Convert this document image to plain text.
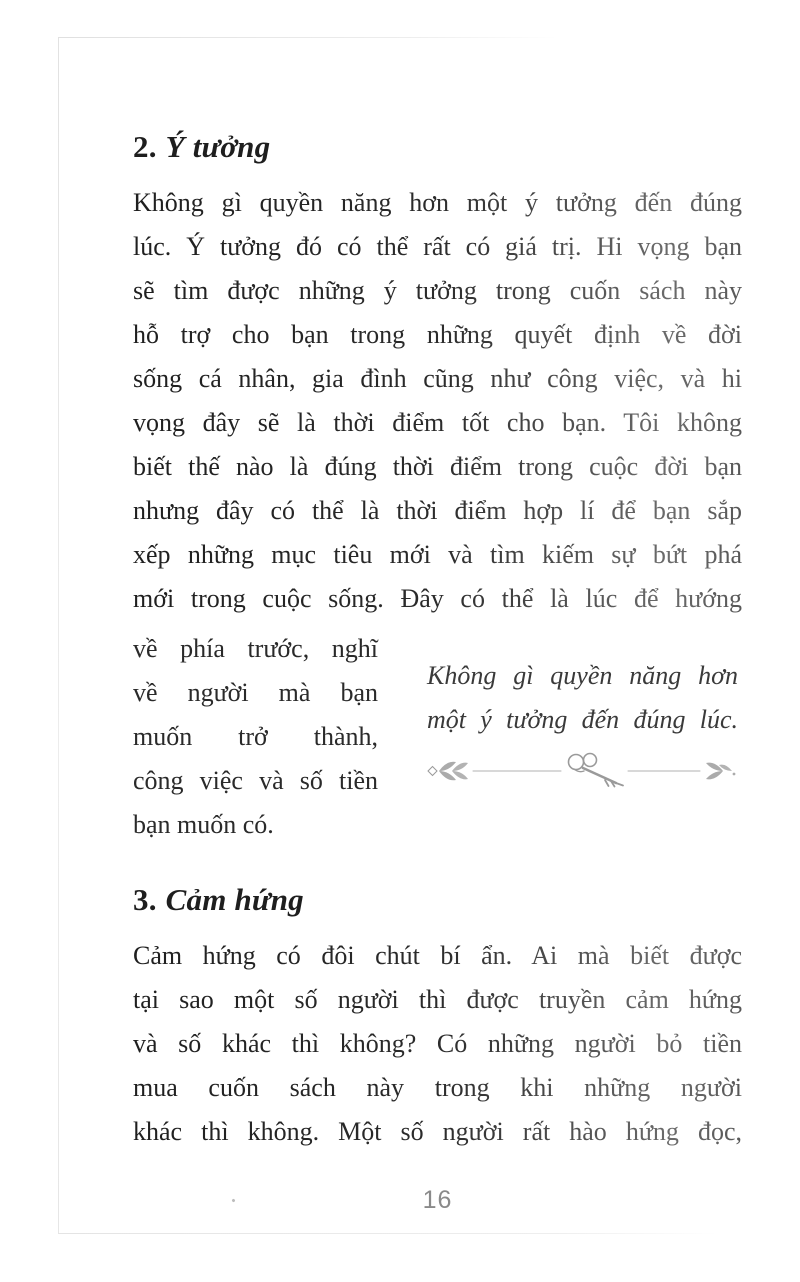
2. Ý tưởng
Không gì quyền năng hơn một ý tưởng đến đúng
lúc. Ý tưởng đó có thể rất có giá trị. Hi vọng bạn
sẽ tìm được những ý tưởng trong cuốn sách này
hỗ trợ cho bạn trong những quyết định về đời
sống cá nhân, gia đình cũng như công việc, và hi
vọng đây sẽ là thời điểm tốt cho bạn. Tôi không
biết thế nào là đúng thời điểm trong cuộc đời bạn
nhưng đây có thể là thời điểm hợp lí để bạn sắp
xếp những mục tiêu mới và tìm kiếm sự bứt phá
mới trong cuộc sống. Đây có thể là lúc để hướng
về phía trước, nghĩ
về người mà bạn
muốn trở thành,
công việc và số tiền
bạn muốn có.
Không gì quyền năng hơn
một ý tưởng đến đúng lúc.
3. Cảm hứng
Cảm hứng có đôi chút bí ẩn. Ai mà biết được
tại sao một số người thì được truyền cảm hứng
và số khác thì không? Có những người bỏ tiền
mua cuốn sách này trong khi những người
khác thì không. Một số người rất hào hứng đọc,
16
